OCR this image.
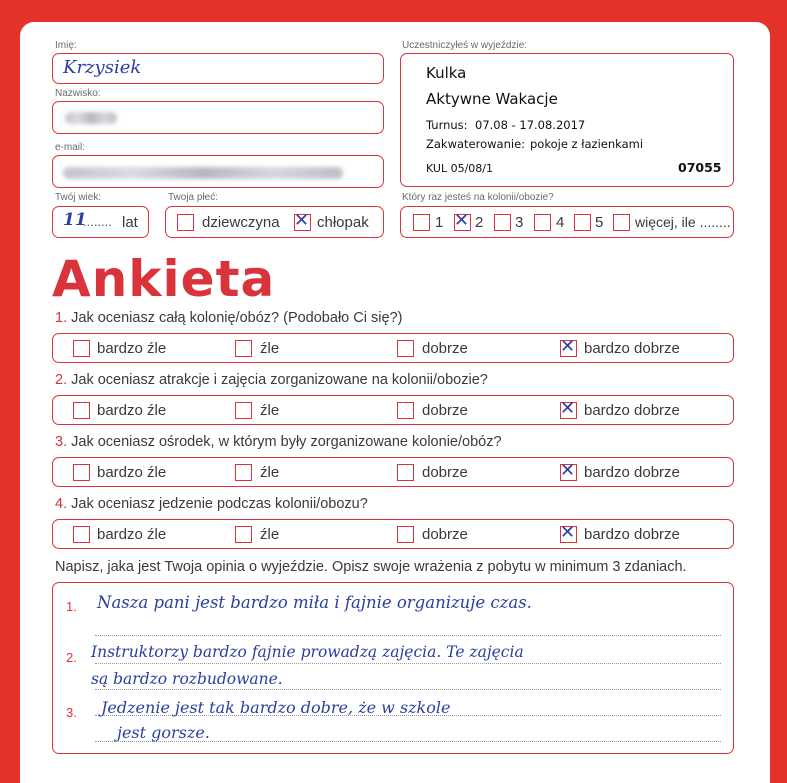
Imię:
Krzysiek
Nazwisko:
e-mail:
Twój wiek:
11
........ lat
Twoja płeć:
dziewczyna ✕ chłopak
Uczestniczyłeś w wyjeździe:
Kulka
Aktywne Wakacje
Turnus: 07.08 - 17.08.2017
Zakwaterowanie: pokoje z łazienkami
KUL 05/08/1	07055
Który raz jesteś na kolonii/obozie?
1 ✕ 2 3 4 5 więcej, ile ........
Ankieta
1. Jak oceniasz całą kolonię/obóz? (Podobało Ci się?)
bardzo źle	źle	dobrze	✕ bardzo dobrze
2. Jak oceniasz atrakcje i zajęcia zorganizowane na kolonii/obozie?
bardzo źle	źle	dobrze	✕ bardzo dobrze
3. Jak oceniasz ośrodek, w którym były zorganizowane kolonie/obóz?
bardzo źle	źle	dobrze	✕ bardzo dobrze
4. Jak oceniasz jedzenie podczas kolonii/obozu?
bardzo źle	źle	dobrze	✕ bardzo dobrze
Napisz, jaka jest Twoja opinia o wyjeździe. Opisz swoje wrażenia z pobytu w minimum 3 zdaniach.
1.
2.
3.
Nasza pani jest bardzo miła i fajnie organizuje czas.
Instruktorzy bardzo fajnie prowadzą zajęcia. Te zajęcia
są bardzo rozbudowane.
Jedzenie jest tak bardzo dobre, że w szkole
jest gorsze.
